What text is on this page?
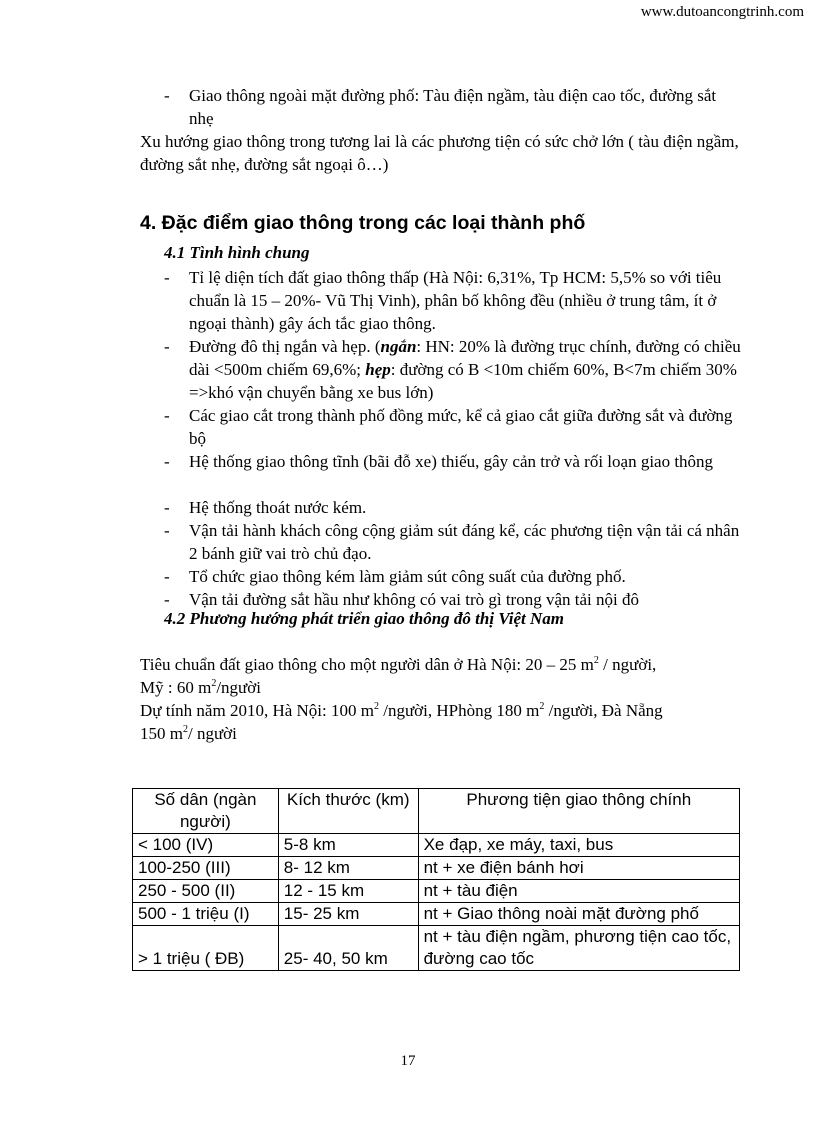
www.dutoancongtrinh.com
- Giao thông ngoài mặt đường phố: Tàu điện ngầm, tàu điện cao tốc, đường sắt nhẹ
Xu hướng giao thông trong tương lai là các phương tiện có sức chở lớn ( tàu điện ngầm, đường sắt nhẹ, đường sắt ngoại ô…)
4. Đặc điểm giao thông trong các loại thành phố
4.1 Tình hình chung
- Tỉ lệ diện tích đất giao thông thấp (Hà Nội: 6,31%, Tp HCM: 5,5% so với tiêu chuẩn là 15 – 20%- Vũ Thị Vinh), phân bố không đều (nhiều ở trung tâm, ít ở ngoại thành) gây ách tắc giao thông.
- Đường đô thị ngắn và hẹp. (ngắn: HN: 20% là đường trục chính, đường có chiều dài <500m chiếm 69,6%; hẹp: đường có B <10m chiếm 60%, B<7m chiếm 30% =>khó vận chuyển bằng xe bus lớn)
- Các giao cắt trong thành phố đồng mức, kể cả giao cắt giữa đường sắt và đường bộ
- Hệ thống giao thông tĩnh (bãi đỗ xe) thiếu, gây cản trở và rối loạn giao thông
- Hệ thống thoát nước kém.
- Vận tải hành khách công cộng giảm sút đáng kể, các phương tiện vận tải cá nhân 2 bánh giữ vai trò chủ đạo.
- Tổ chức giao thông kém làm giảm sút công suất của đường phố.
- Vận tải đường sắt hầu như không có vai trò gì trong vận tải nội đô
4.2 Phương hướng phát triển giao thông đô thị Việt Nam
Tiêu chuẩn đất giao thông cho một người dân ở Hà Nội: 20 – 25 $m^2$ / người,
Mỹ : 60 $m^2$/người
Dự tính năm 2010, Hà Nội: 100 $m^2$ /người, HPhòng 180 $m^2$ /người, Đà Nẵng
150 $m^2/$ người
Số dân (ngàn người)	Kích thước (km)	Phương tiện giao thông chính
< 100 (IV)	5-8 km	Xe đạp, xe máy, taxi, bus
100-250 (III)	8- 12 km	nt + xe điện bánh hơi
250 - 500 (II)	12 - 15 km	nt + tàu điện
500 - 1 triệu (I)	15- 25 km	nt + Giao thông noài mặt đường phố
> 1 triệu ( ĐB)	25- 40, 50 km	nt + tàu điện ngầm, phương tiện cao tốc, đường cao tốc
17
